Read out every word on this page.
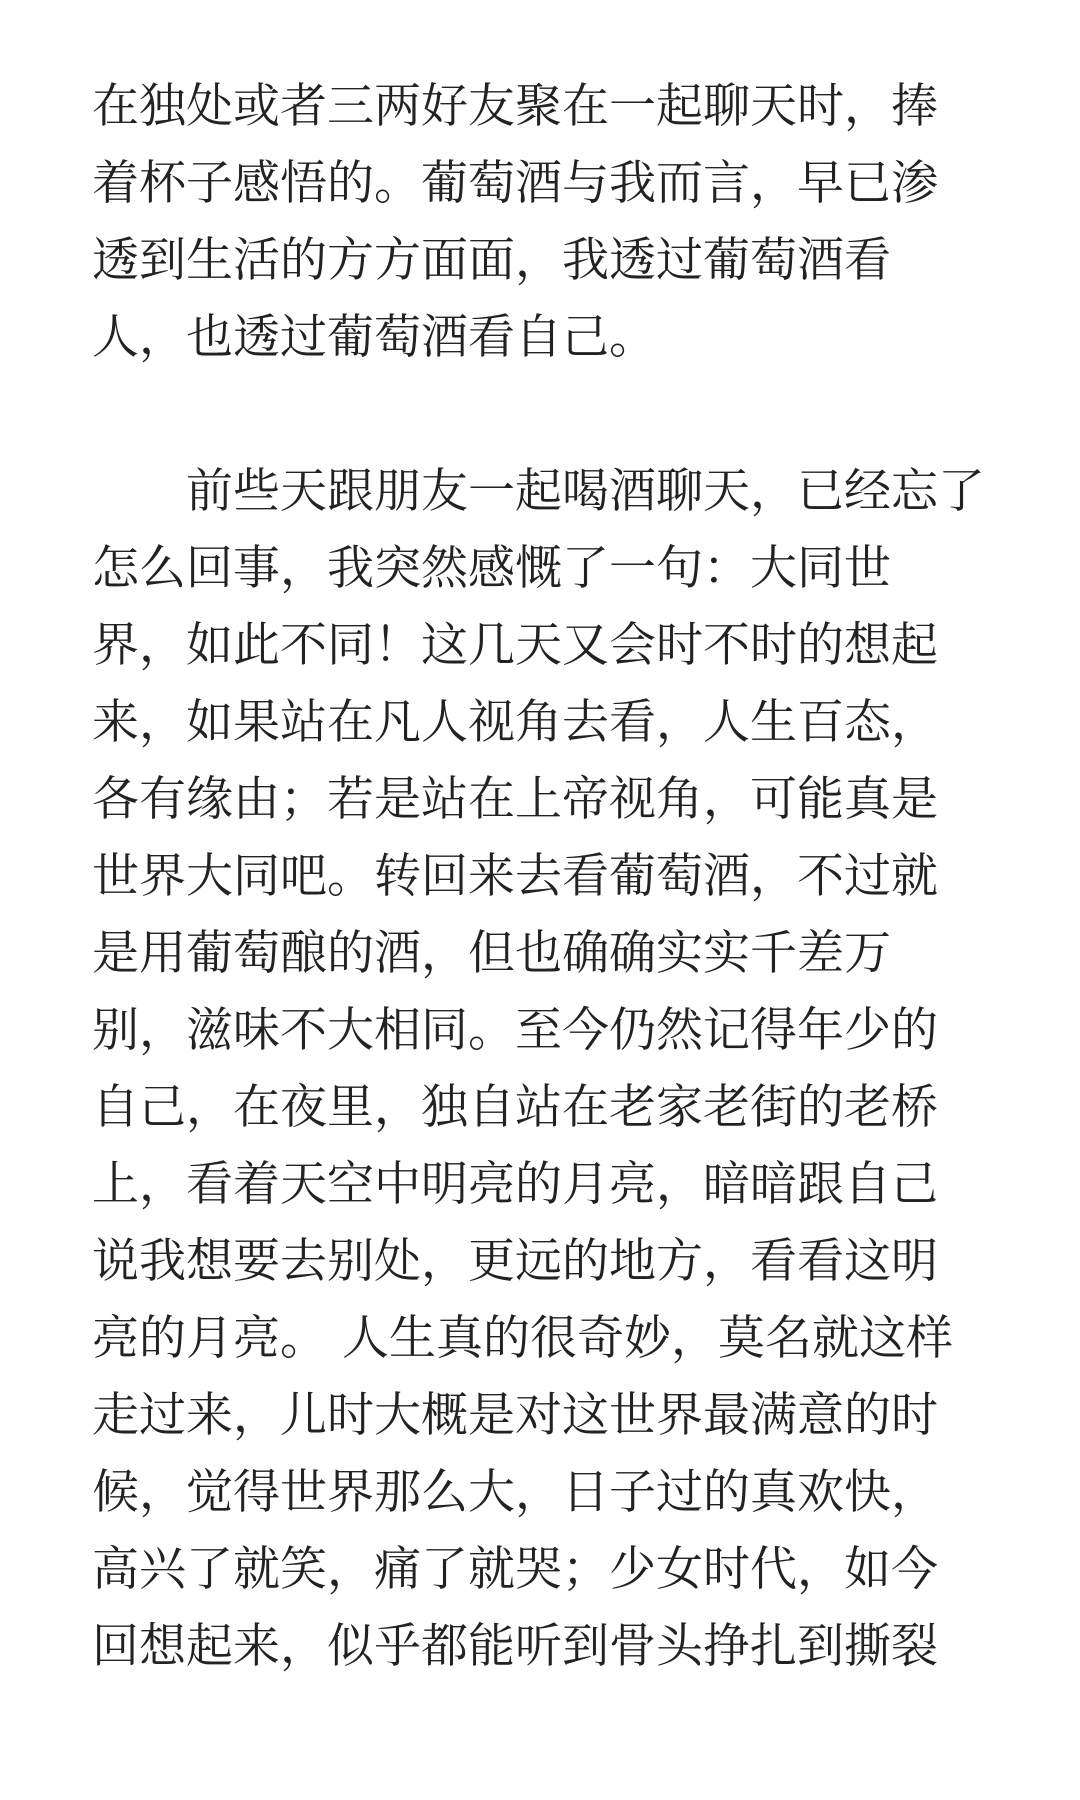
在独处或者三两好友聚在一起聊天时，捧
着杯子感悟的。葡萄酒与我而言，早已渗
透到生活的方方面面，我透过葡萄酒看
人，也透过葡萄酒看自己。

前些天跟朋友一起喝酒聊天，已经忘了
怎么回事，我突然感慨了一句：大同世
界，如此不同！这几天又会时不时的想起
来，如果站在凡人视角去看，人生百态，
各有缘由；若是站在上帝视角，可能真是
世界大同吧。转回来去看葡萄酒，不过就
是用葡萄酿的酒，但也确确实实千差万
别，滋味不大相同。至今仍然记得年少的
自己，在夜里，独自站在老家老街的老桥
上，看着天空中明亮的月亮，暗暗跟自己
说我想要去别处，更远的地方，看看这明
亮的月亮。 人生真的很奇妙，莫名就这样
走过来，儿时大概是对这世界最满意的时
候，觉得世界那么大，日子过的真欢快，
高兴了就笑，痛了就哭；少女时代，如今
回想起来，似乎都能听到骨头挣扎到撕裂
